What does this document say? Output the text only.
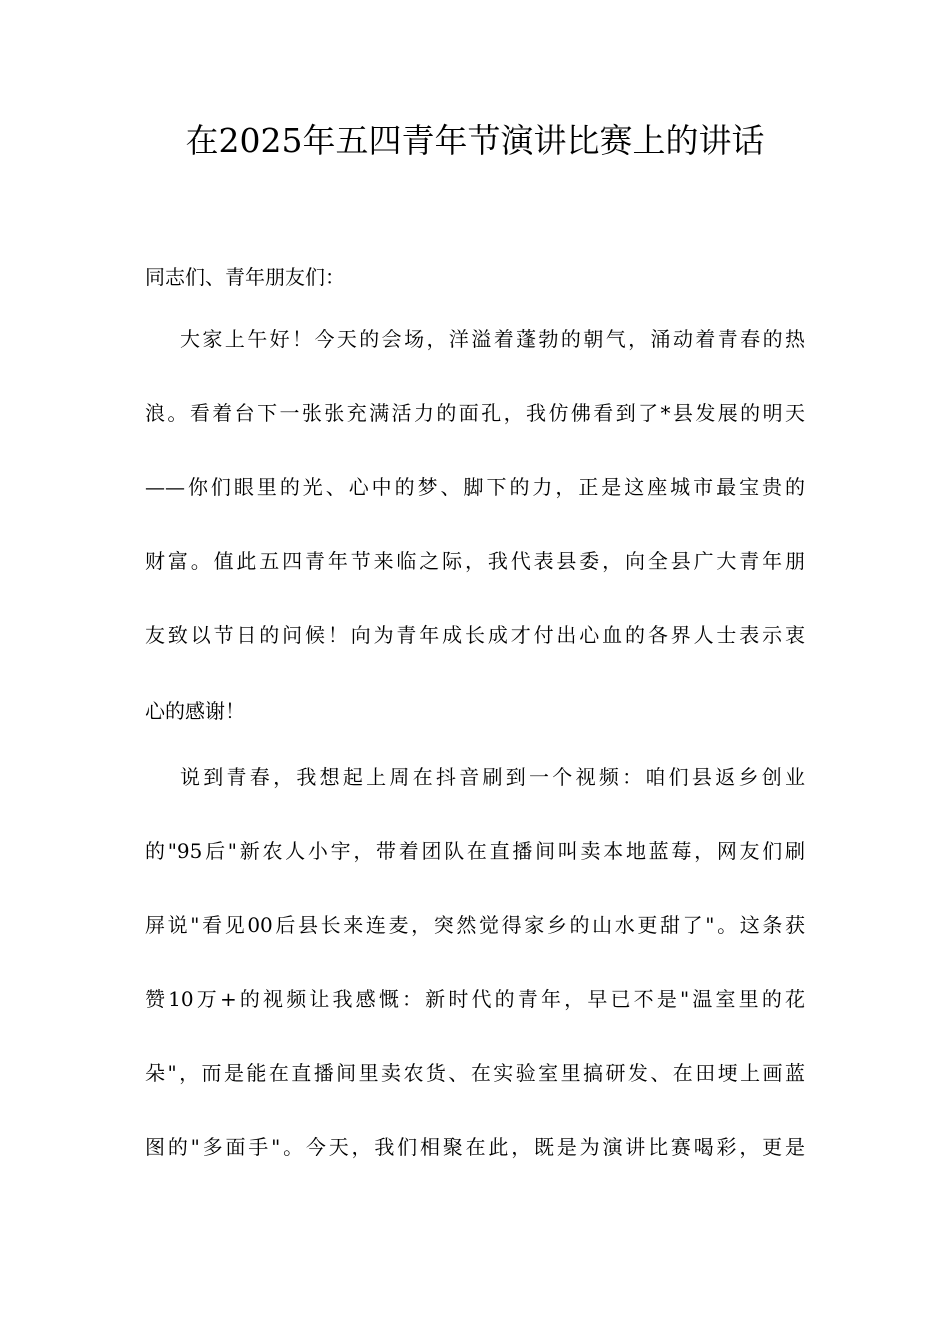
在2025年五四青年节演讲比赛上的讲话

同志们、青年朋友们：

大家上午好！今天的会场，洋溢着蓬勃的朝气，涌动着青春的热

浪。看着台下一张张充满活力的面孔，我仿佛看到了*县发展的明天

——你们眼里的光、心中的梦、脚下的力，正是这座城市最宝贵的

财富。值此五四青年节来临之际，我代表县委，向全县广大青年朋

友致以节日的问候！向为青年成长成才付出心血的各界人士表示衷

心的感谢！

说到青春，我想起上周在抖音刷到一个视频：咱们县返乡创业

的"95后"新农人小宇，带着团队在直播间叫卖本地蓝莓，网友们刷

屏说"看见00后县长来连麦，突然觉得家乡的山水更甜了"。这条获

赞10万+的视频让我感慨：新时代的青年，早已不是"温室里的花

朵"，而是能在直播间里卖农货、在实验室里搞研发、在田埂上画蓝

图的"多面手"。今天，我们相聚在此，既是为演讲比赛喝彩，更是
